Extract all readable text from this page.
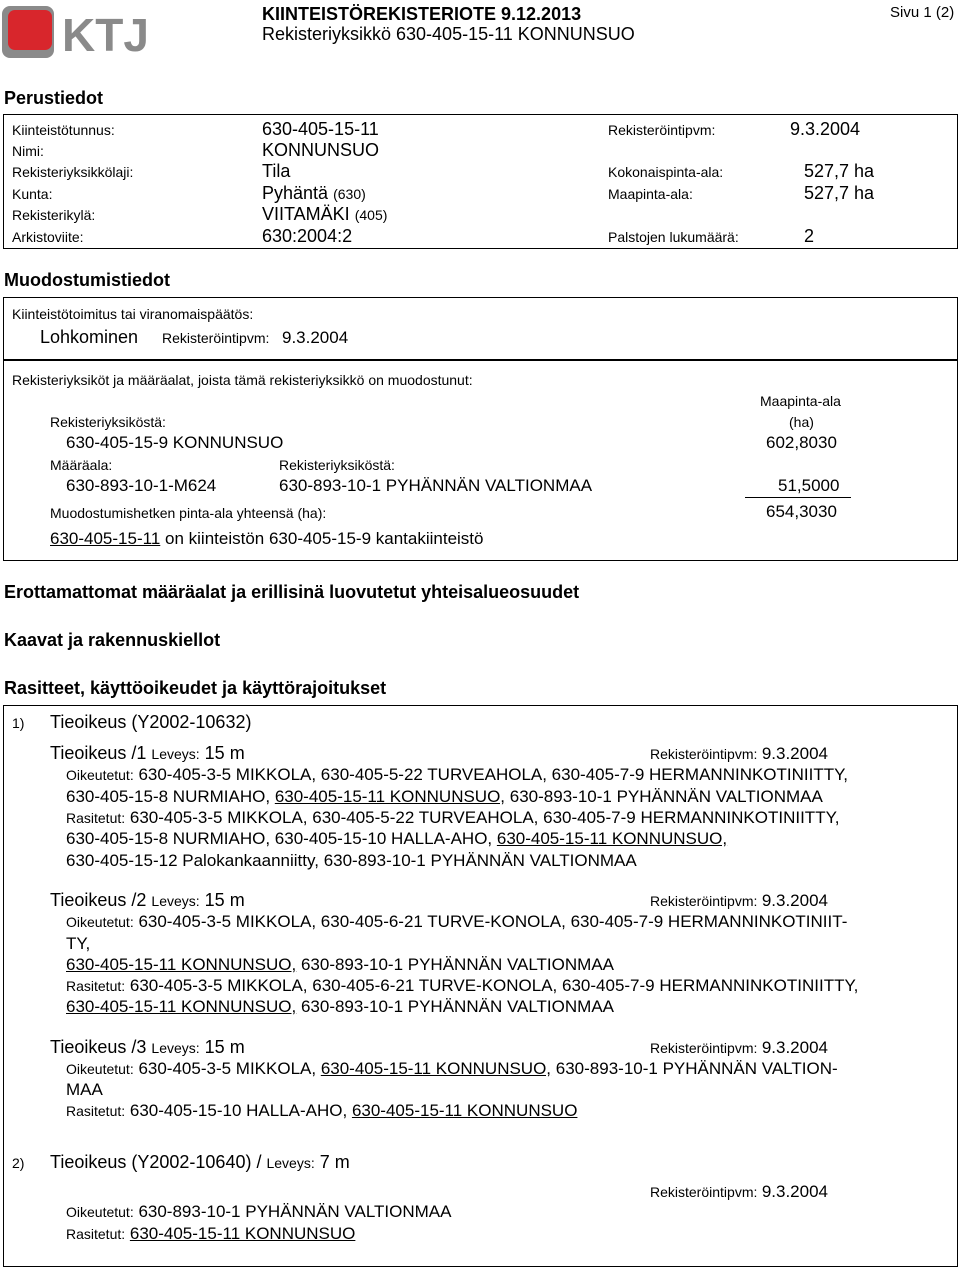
KTJ	KIINTEISTÖREKISTERIOTE 9.12.2013
Rekisteriyksikkö 630-405-15-11 KONNUNSUO
Sivu 1 (2)
Perustiedot
Kiinteistötunnus:	630-405-15-11
Nimi:	KONNUNSUO
Rekisteriyksikkölaji:	Tila
Kunta:	Pyhäntä (630)
Rekisterikylä:	VIITAMÄKI (405)
Arkistoviite:	630:2004:2
Rekisteröintipvm:	9.3.2004
Kokonaispinta-ala:	527,7 ha
Maapinta-ala:	527,7 ha
Palstojen lukumäärä:	2
Muodostumistiedot
Kiinteistötoimitus tai viranomaispäätös:
Lohkominen Rekisteröintipvm: 9.3.2004
Rekisteriyksiköt ja määräalat, joista tämä rekisteriyksikkö on muodostunut:
Maapinta-ala
(ha)
Rekisteriyksiköstä:
630-405-15-9 KONNUNSUO	602,8030
Määräala:	Rekisteriyksiköstä:
630-893-10-1-M624	630-893-10-1 PYHÄNNÄN VALTIONMAA	51,5000
Muodostumishetken pinta-ala yhteensä (ha):	654,3030
630-405-15-11 on kiinteistön 630-405-15-9 kantakiinteistö
Erottamattomat määräalat ja erillisinä luovutetut yhteisalueosuudet
Kaavat ja rakennuskiellot
Rasitteet, käyttöoikeudet ja käyttörajoitukset
1) Tieoikeus (Y2002-10632)
Tieoikeus /1 Leveys: 15 m	Rekisteröintipvm: 9.3.2004
Oikeutetut: 630-405-3-5 MIKKOLA, 630-405-5-22 TURVEAHOLA, 630-405-7-9 HERMANNINKOTINIITTY,
630-405-15-8 NURMIAHO, 630-405-15-11 KONNUNSUO, 630-893-10-1 PYHÄNNÄN VALTIONMAA
Rasitetut: 630-405-3-5 MIKKOLA, 630-405-5-22 TURVEAHOLA, 630-405-7-9 HERMANNINKOTINIITTY,
630-405-15-8 NURMIAHO, 630-405-15-10 HALLA-AHO, 630-405-15-11 KONNUNSUO,
630-405-15-12 Palokankaanniitty, 630-893-10-1 PYHÄNNÄN VALTIONMAA
Tieoikeus /2 Leveys: 15 m	Rekisteröintipvm: 9.3.2004
Oikeutetut: 630-405-3-5 MIKKOLA, 630-405-6-21 TURVE-KONOLA, 630-405-7-9 HERMANNINKOTINIIT-
TY,
630-405-15-11 KONNUNSUO, 630-893-10-1 PYHÄNNÄN VALTIONMAA
Rasitetut: 630-405-3-5 MIKKOLA, 630-405-6-21 TURVE-KONOLA, 630-405-7-9 HERMANNINKOTINIITTY,
630-405-15-11 KONNUNSUO, 630-893-10-1 PYHÄNNÄN VALTIONMAA
Tieoikeus /3 Leveys: 15 m	Rekisteröintipvm: 9.3.2004
Oikeutetut: 630-405-3-5 MIKKOLA, 630-405-15-11 KONNUNSUO, 630-893-10-1 PYHÄNNÄN VALTION-
MAA
Rasitetut: 630-405-15-10 HALLA-AHO, 630-405-15-11 KONNUNSUO
2) Tieoikeus (Y2002-10640) / Leveys: 7 m
Rekisteröintipvm: 9.3.2004
Oikeutetut: 630-893-10-1 PYHÄNNÄN VALTIONMAA
Rasitetut: 630-405-15-11 KONNUNSUO
